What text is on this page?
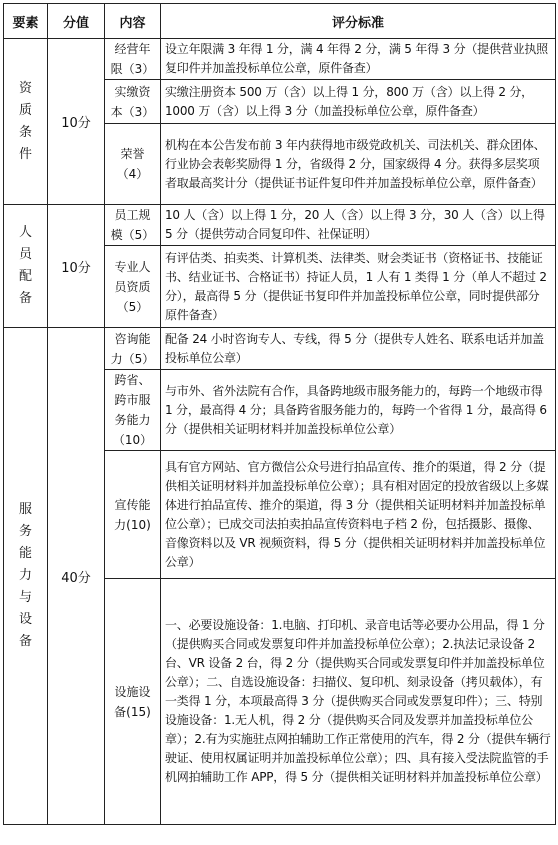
要素	分值	内容	评分标准
资质条件	10分	经营年限（3）	设立年限满 3 年得 1 分，满 4 年得 2 分，满 5 年得 3 分（提供营业执照复印件并加盖投标单位公章，原件备查）
		实缴资本（3）	实缴注册资本 500 万（含）以上得 1 分，800 万（含）以上得 2 分，1000 万（含）以上得 3 分（加盖投标单位公章，原件备查）
		荣誉（4）	机构在本公告发布前 3 年内获得地市级党政机关、司法机关、群众团体、行业协会表彰奖励得 1 分，省级得 2 分，国家级得 4 分。获得多层奖项者取最高奖计分（提供证书证件复印件并加盖投标单位公章，原件备查）
人员配备	10分	员工规模（5）	10 人（含）以上得 1 分，20 人（含）以上得 3 分，30 人（含）以上得 5 分（提供劳动合同复印件、社保证明）
		专业人员资质（5）	有评估类、拍卖类、计算机类、法律类、财会类证书（资格证书、技能证书、结业证书、合格证书）持证人员，1 人有 1 类得 1 分（单人不超过 2 分），最高得 5 分（提供证书复印件并加盖投标单位公章，同时提供部分原件备查）
服务能力与设备	40分	咨询能力（5）	配备 24 小时咨询专人、专线，得 5 分（提供专人姓名、联系电话并加盖投标单位公章）
		跨省、跨市服务能力（10）	与市外、省外法院有合作，具备跨地级市服务能力的，每跨一个地级市得 1 分，最高得 4 分；具备跨省服务能力的，每跨一个省得 1 分，最高得 6 分（提供相关证明材料并加盖投标单位公章）
		宣传能力(10)	具有官方网站、官方微信公众号进行拍品宣传、推介的渠道，得 2 分（提供相关证明材料并加盖投标单位公章）；具有相对固定的投放省级以上多媒体进行拍品宣传、推介的渠道，得 3 分（提供相关证明材料并加盖投标单位公章）；已成交司法拍卖拍品宣传资料电子档 2 份，包括摄影、摄像、音像资料以及 VR 视频资料，得 5 分（提供相关证明材料并加盖投标单位公章）
		设施设备(15)	一、必要设施设备：1.电脑、打印机、录音电话等必要办公用品，得 1 分（提供购买合同或发票复印件并加盖投标单位公章）；2.执法记录设备 2 台、VR 设备 2 台，得 2 分（提供购买合同或发票复印件并加盖投标单位公章）；二、自选设施设备：扫描仪、复印机、刻录设备（拷贝载体），有一类得 1 分，本项最高得 3 分（提供购买合同或发票复印件）；三、特别设施设备：1.无人机，得 2 分（提供购买合同及发票并加盖投标单位公章）；2.有为实施驻点网拍辅助工作正常使用的汽车，得 2 分（提供车辆行驶证、使用权属证明并加盖投标单位公章）；四、具有接入受法院监管的手机网拍辅助工作 APP，得 5 分（提供相关证明材料并加盖投标单位公章）
